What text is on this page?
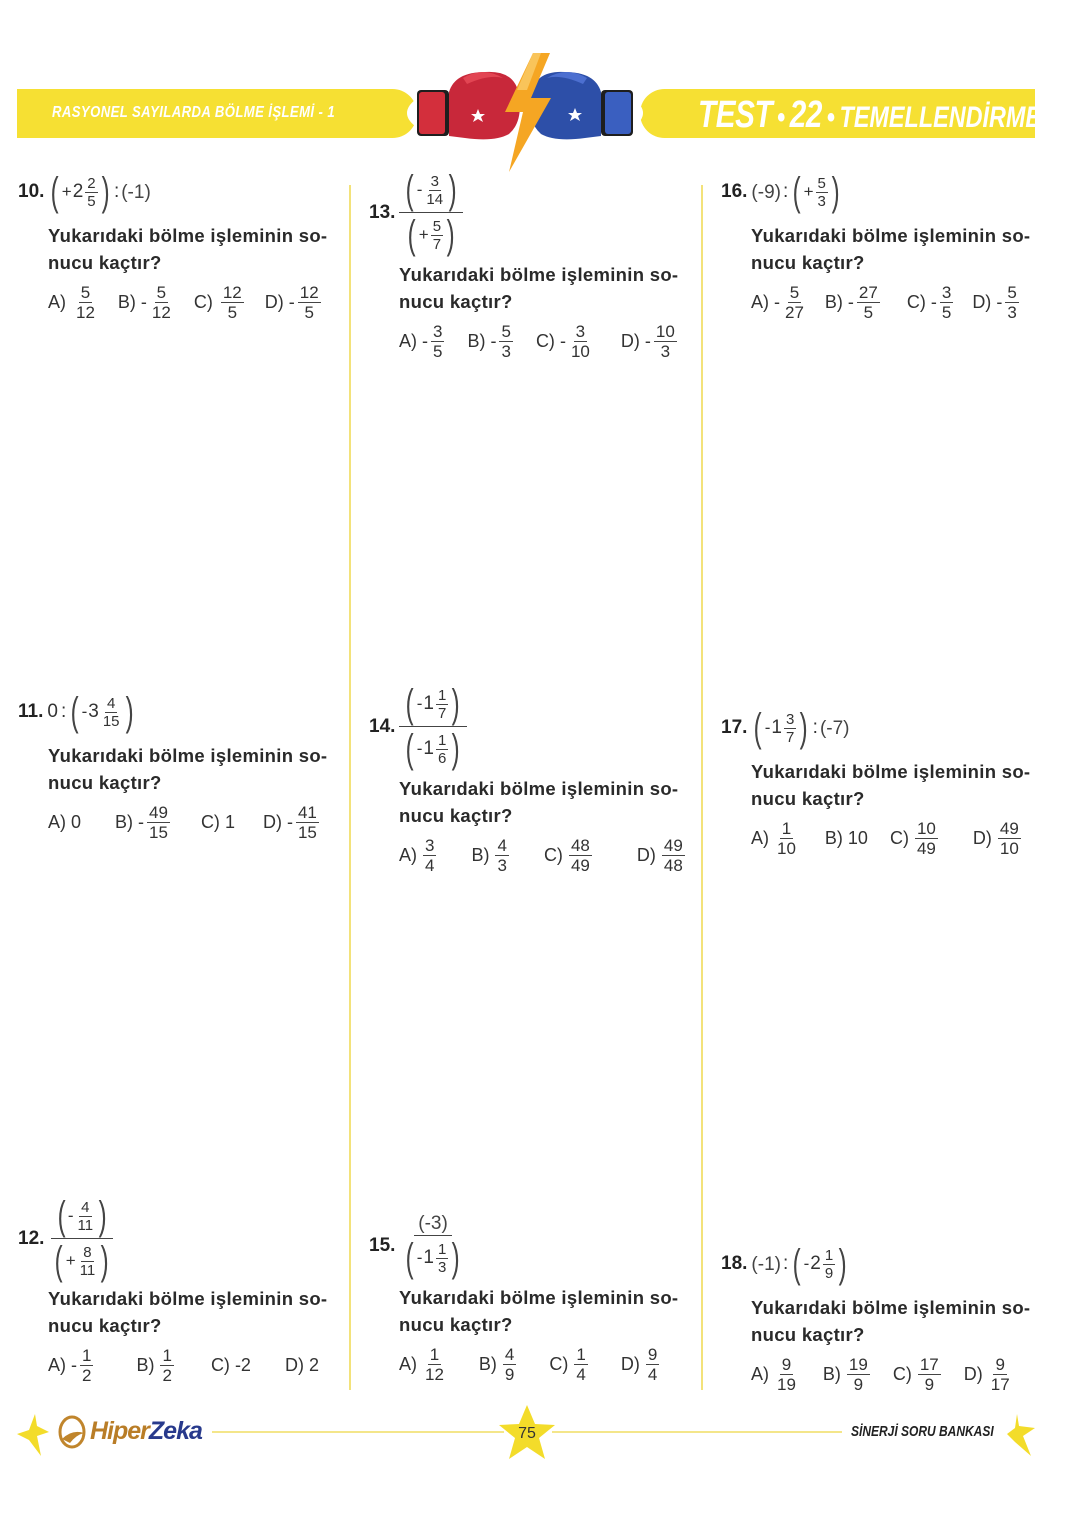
RASYONEL SAYILARDA BÖLME İŞLEMİ - 1	TEST • 22 • TEMELLENDİRME
10. ( + $2 \frac{2}{5}$ ) : (-1)
Yukarıdaki bölme işleminin so- nucu kaçtır?
$A) \frac{5}{12} B) - \frac{5}{12} C) \frac{12}{5} D) - \frac{12}{5}$
11. 0 : ( - $3 \frac{4}{15}$ )
Yukarıdaki bölme işleminin so- nucu kaçtır?
A) 0 $B) - \frac{49}{15} C$) 1 $D) - \frac{41}{15}$
12. $\frac{( - \frac{4}{11} )}{( + \frac{8}{11} )}$
Yukarıdaki bölme işleminin so- nucu kaçtır?
$A) - \frac{1}{2} B) \frac{1}{2} C$) -2 D) 2
13. $\frac{( - \frac{3}{14} )}{( + \frac{5}{7} )}$
Yukarıdaki bölme işleminin so- nucu kaçtır?
$A) - \frac{3}{5} B) - \frac{5}{3} C) - \frac{3}{10} D) - \frac{10}{3}$
14. $\frac{( - 1 \frac{1}{7} )}{( - 1 \frac{1}{6} )}$
Yukarıdaki bölme işleminin so- nucu kaçtır?
$A) \frac{3}{4} B) \frac{4}{3} C) \frac{48}{49}$	$D) \frac{49}{48}$
15. $\frac{(-3)}{( - 1 \frac{1}{3} )}$
Yukarıdaki bölme işleminin so- nucu kaçtır?
$A) \frac{1}{12} B) \frac{4}{9} C) \frac{1}{4} D) \frac{9}{4}$
16. (-9) : ( + $\frac{5}{3}$ )
Yukarıdaki bölme işleminin so- nucu kaçtır?
$A) - \frac{5}{27} B) - \frac{27}{5} C) - \frac{3}{5} D) - \frac{5}{3}$
17. ( - $1 \frac{3}{7}$ ) : (-7)
Yukarıdaki bölme işleminin so- nucu kaçtır?
$A) \frac{1}{10} B$) 10 $C) \frac{10}{49} D) \frac{49}{10}$
18. (-1) : ( - $2 \frac{1}{9}$ )
Yukarıdaki bölme işleminin so- nucu kaçtır?
$A) \frac{9}{19} B) \frac{19}{9} C) \frac{17}{9} D) \frac{9}{17}$
HiperZeka	75	SİNERJİ SORU BANKASI
